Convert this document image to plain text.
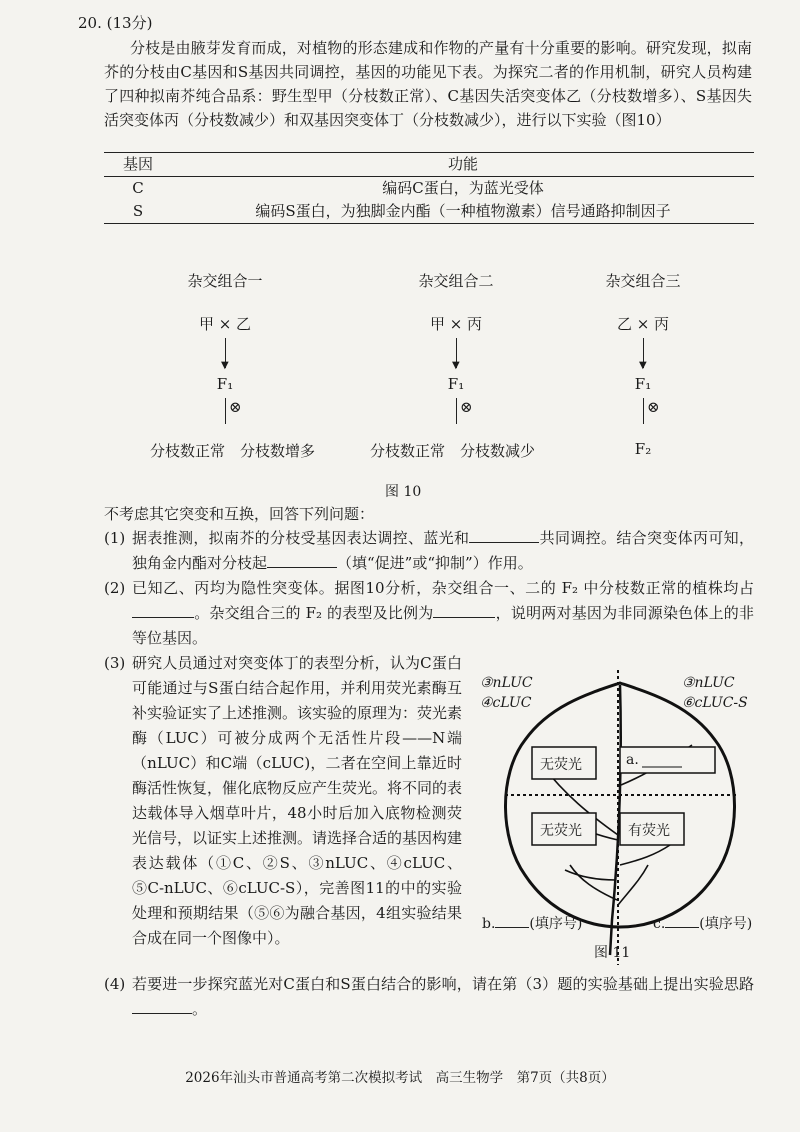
20. (13分)
分枝是由腋芽发育而成，对植物的形态建成和作物的产量有十分重要的影响。研究发现，拟南芥的分枝由C基因和S基因共同调控，基因的功能见下表。为探究二者的作用机制，研究人员构建了四种拟南芥纯合品系：野生型甲（分枝数正常）、C基因失活突变体乙（分枝数增多）、S基因失活突变体丙（分枝数减少）和双基因突变体丁（分枝数减少），进行以下实验（图10）
基因	功能
C	编码C蛋白，为蓝光受体
S	编码S蛋白，为独脚金内酯（一种植物激素）信号通路抑制因子
杂交组合一
甲 × 乙
▼
F₁
⊗
分枝数正常　分枝数增多
杂交组合二
甲 × 丙
▼
F₁
⊗
分枝数正常　分枝数减少
杂交组合三
乙 × 丙
▼
F₁
⊗
F₂
图 10
不考虑其它突变和互换，回答下列问题：
(1) 据表推测，拟南芥的分枝受基因表达调控、蓝光和	共同调控。结合突变体丙可知，独角金内酯对分枝起	（填“促进”或“抑制”）作用。
(2) 已知乙、丙均为隐性突变体。据图10分析，杂交组合一、二的 F₂ 中分枝数正常的植株均占。杂交组合三的 F₂ 的表型及比例为	，说明两对基因为非同源染色体上的非等位基因。
(3) 研究人员通过对突变体丁的表型分析，认为C蛋白可能通过与S蛋白结合起作用，并利用荧光素酶互补实验证实了上述推测。该实验的原理为：荧光素酶（LUC）可被分成两个无活性片段——N端（nLUC）和C端（cLUC)，二者在空间上靠近时酶活性恢复，催化底物反应产生荧光。将不同的表达载体导入烟草叶片，48小时后加入底物检测荧光信号，以证实上述推测。请选择合适的基因构建表达载体（①C、②S、③nLUC、④cLUC、⑤C-nLUC、⑥cLUC-S），完善图11的中的实验处理和预期结果（⑤⑥为融合基因，4组实验结果合成在同一个图像中）。
③nLUC
④cLUC
③nLUC
⑥cLUC-S
无荧光	a.
无荧光	有荧光
b. (填序号)	c. (填序号)
图 11
(4) 若要进一步探究蓝光对C蛋白和S蛋白结合的影响，请在第（3）题的实验基础上提出实验思路。
2026年汕头市普通高考第二次模拟考试　高三生物学　第7页（共8页）
